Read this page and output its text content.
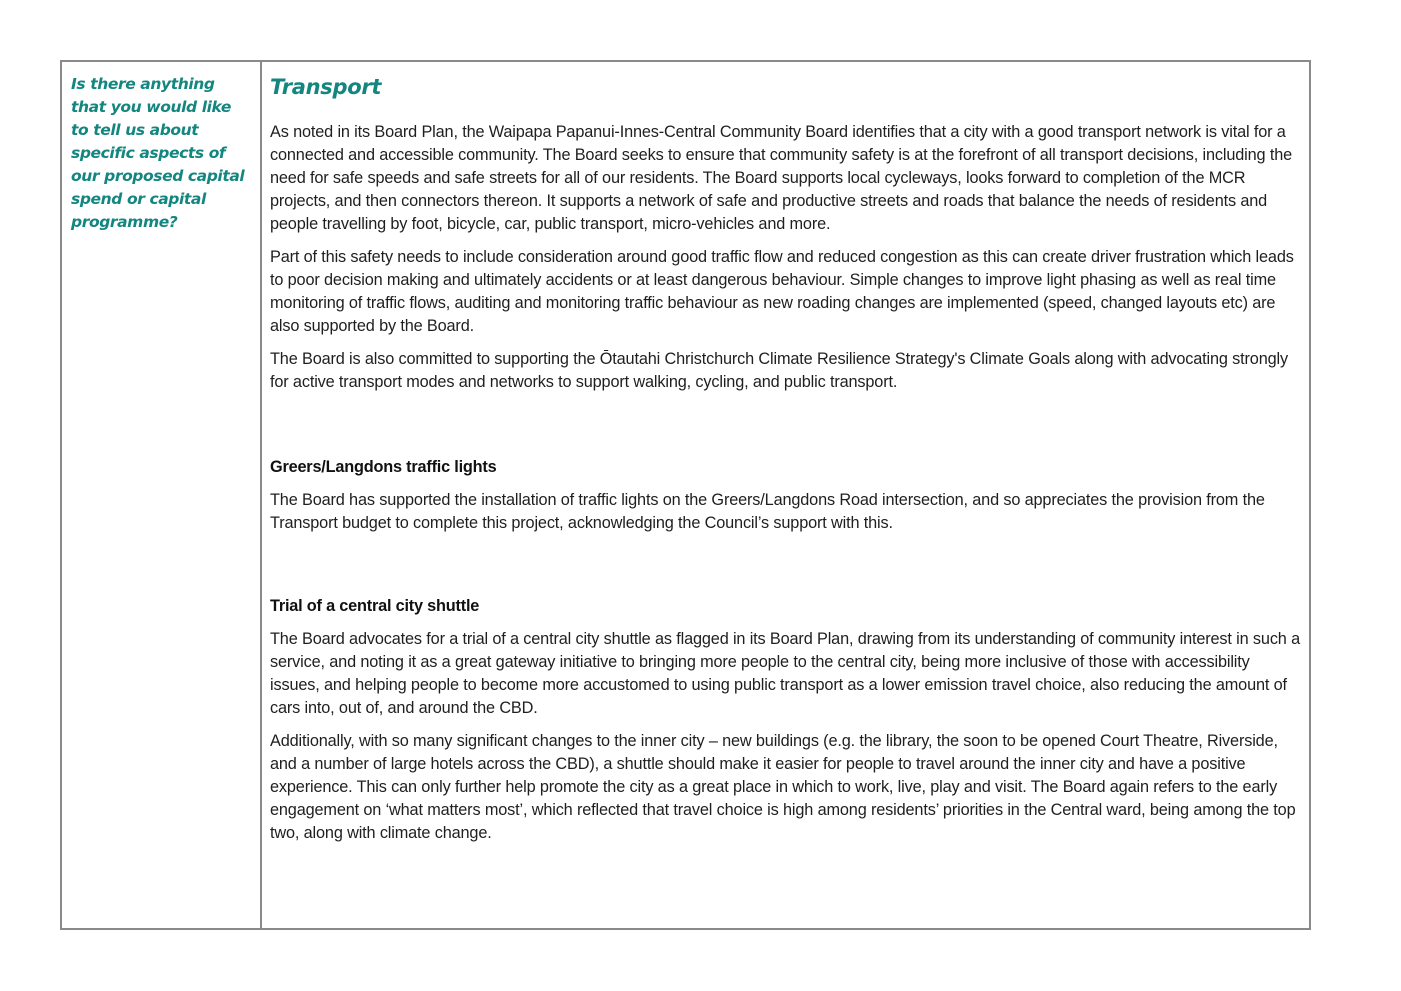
Is there anything that you would like to tell us about specific aspects of our proposed capital spend or capital programme?

Transport

As noted in its Board Plan, the Waipapa Papanui-Innes-Central Community Board identifies that a city with a good transport network is vital for a connected and accessible community. The Board seeks to ensure that community safety is at the forefront of all transport decisions, including the need for safe speeds and safe streets for all of our residents. The Board supports local cycleways, looks forward to completion of the MCR projects, and then connectors thereon. It supports a network of safe and productive streets and roads that balance the needs of residents and people travelling by foot, bicycle, car, public transport, micro-vehicles and more.

Part of this safety needs to include consideration around good traffic flow and reduced congestion as this can create driver frustration which leads to poor decision making and ultimately accidents or at least dangerous behaviour. Simple changes to improve light phasing as well as real time monitoring of traffic flows, auditing and monitoring traffic behaviour as new roading changes are implemented (speed, changed layouts etc) are also supported by the Board.

The Board is also committed to supporting the Ōtautahi Christchurch Climate Resilience Strategy's Climate Goals along with advocating strongly for active transport modes and networks to support walking, cycling, and public transport.

Greers/Langdons traffic lights

The Board has supported the installation of traffic lights on the Greers/Langdons Road intersection, and so appreciates the provision from the Transport budget to complete this project, acknowledging the Council’s support with this.

Trial of a central city shuttle

The Board advocates for a trial of a central city shuttle as flagged in its Board Plan, drawing from its understanding of community interest in such a service, and noting it as a great gateway initiative to bringing more people to the central city, being more inclusive of those with accessibility issues, and helping people to become more accustomed to using public transport as a lower emission travel choice, also reducing the amount of cars into, out of, and around the CBD.

Additionally, with so many significant changes to the inner city – new buildings (e.g. the library, the soon to be opened Court Theatre, Riverside, and a number of large hotels across the CBD), a shuttle should make it easier for people to travel around the inner city and have a positive experience. This can only further help promote the city as a great place in which to work, live, play and visit. The Board again refers to the early engagement on ‘what matters most’, which reflected that travel choice is high among residents’ priorities in the Central ward, being among the top two, along with climate change.
